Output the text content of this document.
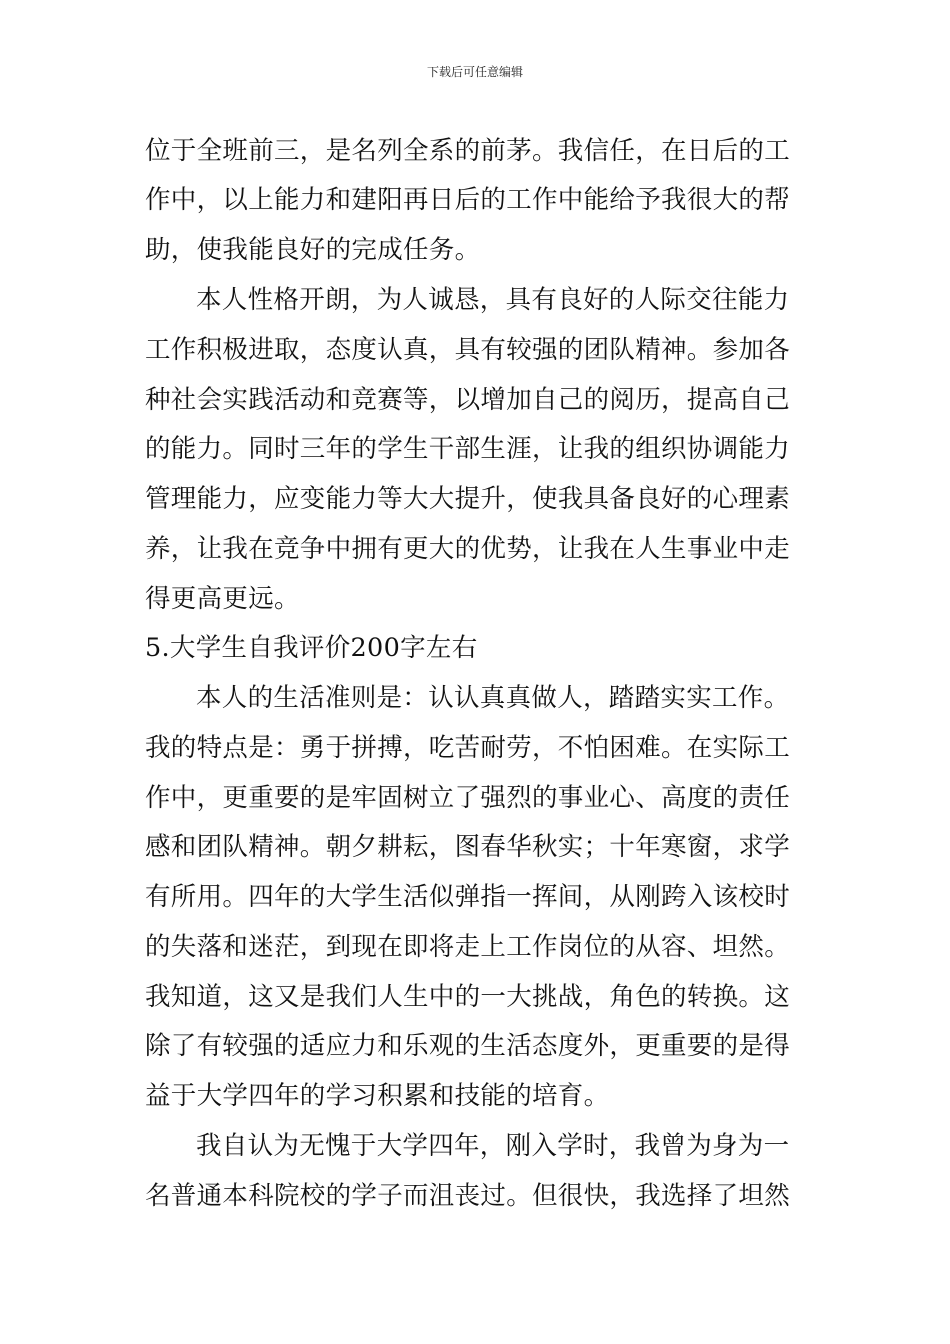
下载后可任意编辑
位于全班前三，是名列全系的前茅。我信任，在日后的工
作中，以上能力和建阳再日后的工作中能给予我很大的帮
助，使我能良好的完成任务。
本人性格开朗，为人诚恳，具有良好的人际交往能力
工作积极进取，态度认真，具有较强的团队精神。参加各
种社会实践活动和竞赛等，以增加自己的阅历，提高自己
的能力。同时三年的学生干部生涯，让我的组织协调能力
管理能力，应变能力等大大提升，使我具备良好的心理素
养，让我在竞争中拥有更大的优势，让我在人生事业中走
得更高更远。
5.大学生自我评价200字左右
本人的生活准则是：认认真真做人，踏踏实实工作。
我的特点是：勇于拼搏，吃苦耐劳，不怕困难。在实际工
作中，更重要的是牢固树立了强烈的事业心、高度的责任
感和团队精神。朝夕耕耘，图春华秋实；十年寒窗，求学
有所用。四年的大学生活似弹指一挥间，从刚跨入该校时
的失落和迷茫，到现在即将走上工作岗位的从容、坦然。
我知道，这又是我们人生中的一大挑战，角色的转换。这
除了有较强的适应力和乐观的生活态度外，更重要的是得
益于大学四年的学习积累和技能的培育。
我自认为无愧于大学四年，刚入学时，我曾为身为一
名普通本科院校的学子而沮丧过。但很快，我选择了坦然
